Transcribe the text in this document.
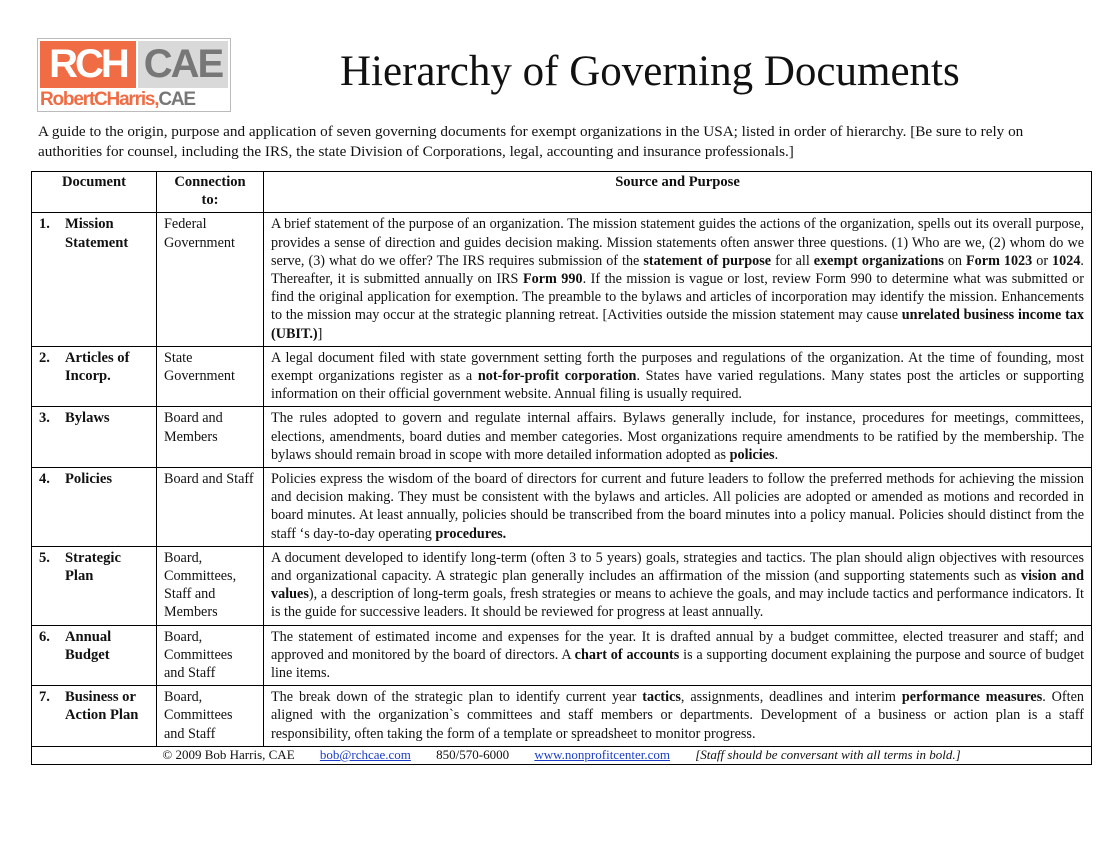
RCH CAE
RobertCHarris,CAE
Hierarchy of Governing Documents

A guide to the origin, purpose and application of seven governing documents for exempt organizations in the USA; listed in order of hierarchy. [Be sure to rely on authorities for counsel, including the IRS, the state Division of Corporations, legal, accounting and insurance professionals.]

Document	Connection to:	Source and Purpose

1. Mission Statement	Federal Government	A brief statement of the purpose of an organization. The mission statement guides the actions of the organization, spells out its overall purpose, provides a sense of direction and guides decision making. Mission statements often answer three questions. (1) Who are we, (2) whom do we serve, (3) what do we offer? The IRS requires submission of the statement of purpose for all exempt organizations on Form 1023 or 1024. Thereafter, it is submitted annually on IRS Form 990. If the mission is vague or lost, review Form 990 to determine what was submitted or find the original application for exemption. The preamble to the bylaws and articles of incorporation may identify the mission. Enhancements to the mission may occur at the strategic planning retreat. [Activities outside the mission statement may cause unrelated business income tax (UBIT.)]

2. Articles of Incorp.	State Government	A legal document filed with state government setting forth the purposes and regulations of the organization. At the time of founding, most exempt organizations register as a not-for-profit corporation. States have varied regulations. Many states post the articles or supporting information on their official government website. Annual filing is usually required.

3. Bylaws	Board and Members	The rules adopted to govern and regulate internal affairs. Bylaws generally include, for instance, procedures for meetings, committees, elections, amendments, board duties and member categories. Most organizations require amendments to be ratified by the membership. The bylaws should remain broad in scope with more detailed information adopted as policies.

4. Policies	Board and Staff	Policies express the wisdom of the board of directors for current and future leaders to follow the preferred methods for achieving the mission and decision making. They must be consistent with the bylaws and articles. All policies are adopted or amended as motions and recorded in board minutes. At least annually, policies should be transcribed from the board minutes into a policy manual. Policies should distinct from the staff ‘s day-to-day operating procedures.

5. Strategic Plan	Board, Committees, Staff and Members	A document developed to identify long-term (often 3 to 5 years) goals, strategies and tactics. The plan should align objectives with resources and organizational capacity. A strategic plan generally includes an affirmation of the mission (and supporting statements such as vision and values), a description of long-term goals, fresh strategies or means to achieve the goals, and may include tactics and performance indicators. It is the guide for successive leaders. It should be reviewed for progress at least annually.

6. Annual Budget	Board, Committees and Staff	The statement of estimated income and expenses for the year. It is drafted annual by a budget committee, elected treasurer and staff; and approved and monitored by the board of directors. A chart of accounts is a supporting document explaining the purpose and source of budget line items.

7. Business or Action Plan	Board, Committees and Staff	The break down of the strategic plan to identify current year tactics, assignments, deadlines and interim performance measures. Often aligned with the organization`s committees and staff members or departments. Development of a business or action plan is a staff responsibility, often taking the form of a template or spreadsheet to monitor progress.
© 2009 Bob Harris, CAE bob@rchcae.com 850/570-6000 www.nonprofitcenter.com [Staff should be conversant with all terms in bold.]		
